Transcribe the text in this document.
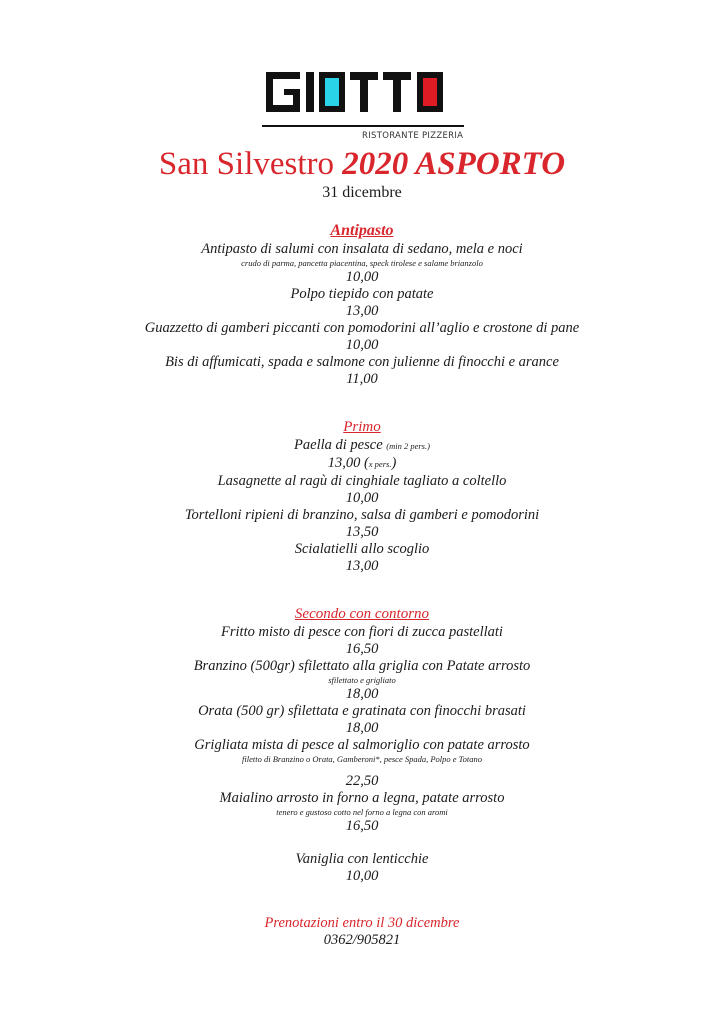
RISTORANTE PIZZERIA
San Silvestro 2020 ASPORTO
31 dicembre
Antipasto
Antipasto di salumi con insalata di sedano, mela e noci
crudo di parma, pancetta piacentina, speck tirolese e salame brianzolo
10,00
Polpo tiepido con patate
13,00
Guazzetto di gamberi piccanti con pomodorini all’aglio e crostone di pane
10,00
Bis di affumicati, spada e salmone con julienne di finocchi e arance
11,00
Primo
Paella di pesce (min 2 pers.)
13,00 (x pers.)
Lasagnette al ragù di cinghiale tagliato a coltello
10,00
Tortelloni ripieni di branzino, salsa di gamberi e pomodorini
13,50
Scialatielli allo scoglio
13,00
Secondo con contorno
Fritto misto di pesce con fiori di zucca pastellati
16,50
Branzino (500gr) sfilettato alla griglia con Patate arrosto
sfilettato e grigliato
18,00
Orata (500 gr) sfilettata e gratinata con finocchi brasati
18,00
Grigliata mista di pesce al salmoriglio con patate arrosto
filetto di Branzino o Orata, Gamberoni*, pesce Spada, Polpo e Totano
22,50
Maialino arrosto in forno a legna, patate arrosto
tenero e gustoso cotto nel forno a legna con aromi
16,50
Vaniglia con lenticchie
10,00
Prenotazioni entro il 30 dicembre
0362/905821
